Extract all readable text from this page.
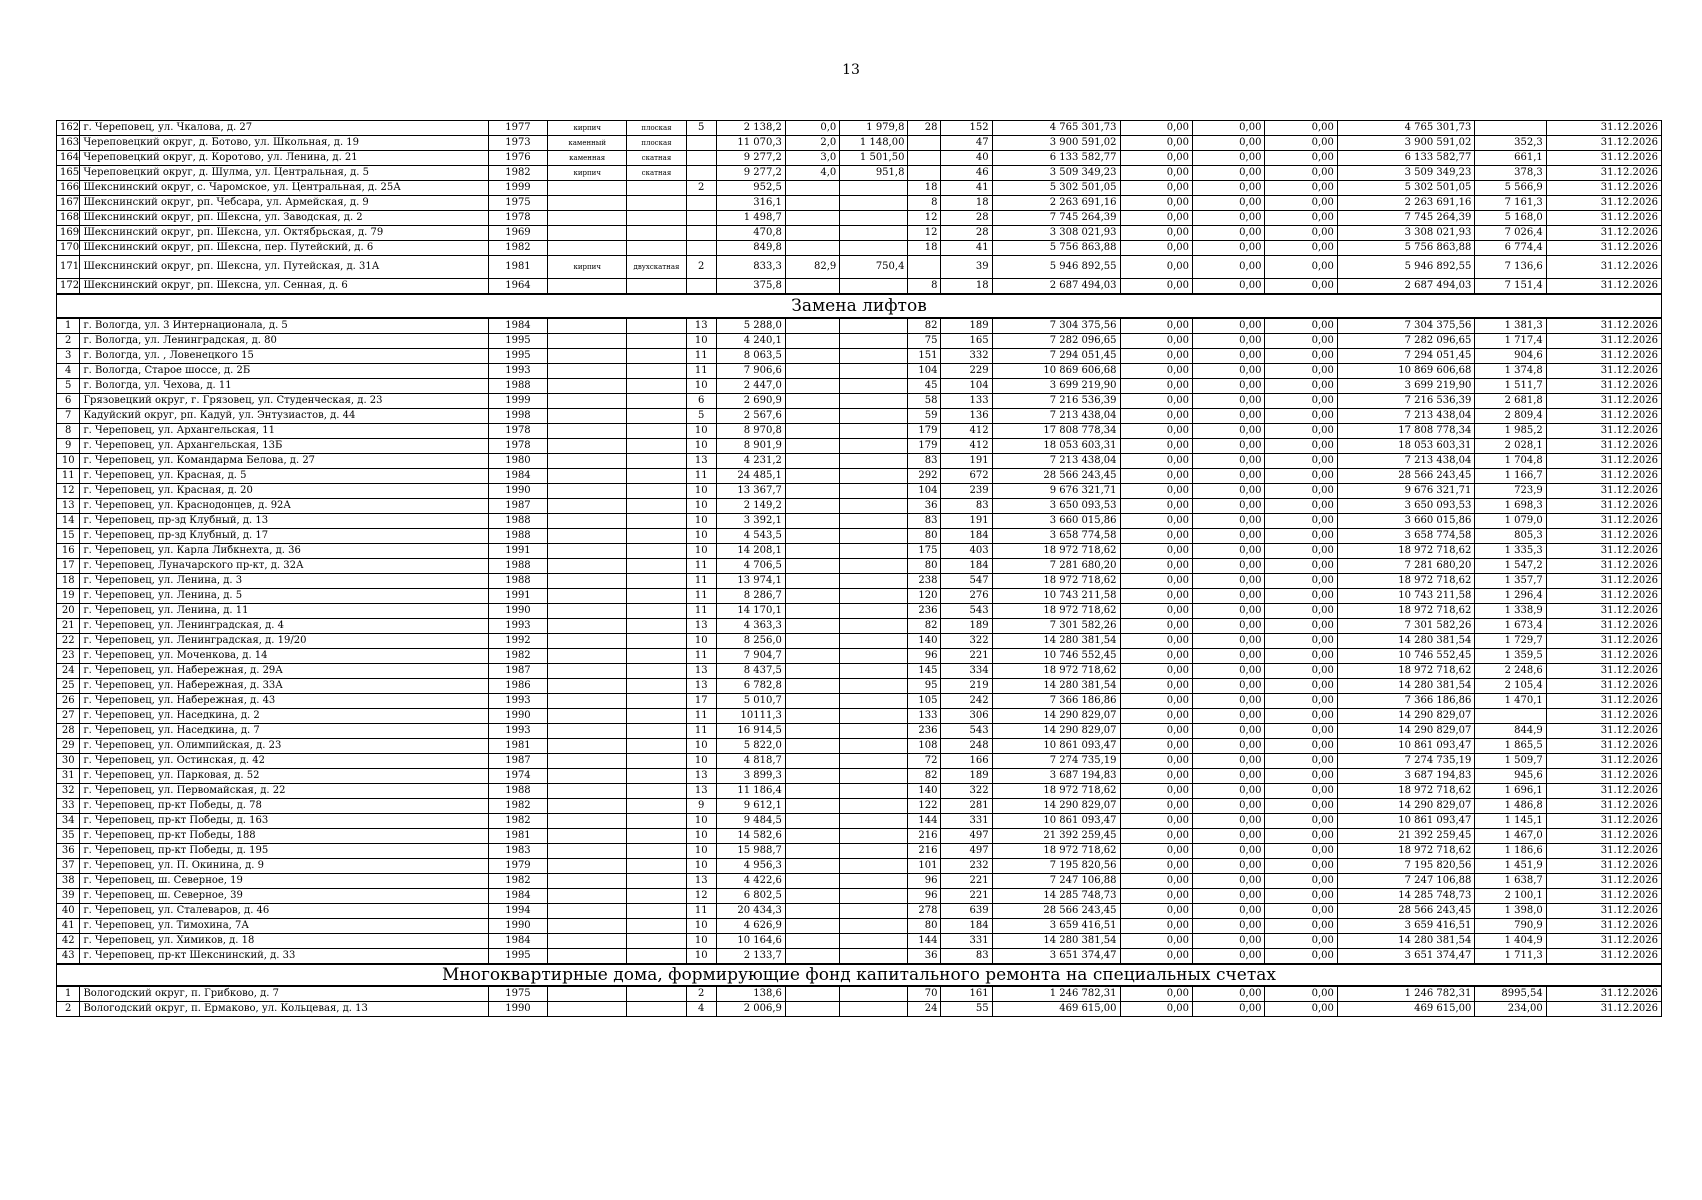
13
162	г. Череповец, ул. Чкалова, д. 27	1977	кирпич	плоская	5	2 138,2	0,0	1 979,8	28	152	4 765 301,73	0,00	0,00	0,00	4 765 301,73		31.12.2026
163	Череповецкий округ, д. Ботово, ул. Школьная, д. 19	1973	каменный	плоская		11 070,3	2,0	1 148,00		47	3 900 591,02	0,00	0,00	0,00	3 900 591,02	352,3	31.12.2026
164	Череповецкий округ, д. Коротово, ул. Ленина, д. 21	1976	каменная	скатная		9 277,2	3,0	1 501,50		40	6 133 582,77	0,00	0,00	0,00	6 133 582,77	661,1	31.12.2026
165	Череповецкий округ, д. Шулма, ул. Центральная, д. 5	1982	кирпич	скатная		9 277,2	4,0	951,8		46	3 509 349,23	0,00	0,00	0,00	3 509 349,23	378,3	31.12.2026
166	Шекснинский округ, с. Чаромское, ул. Центральная, д. 25А	1999			2	952,5			18	41	5 302 501,05	0,00	0,00	0,00	5 302 501,05	5 566,9	31.12.2026
167	Шекснинский округ, рп. Чебсара, ул. Армейская, д. 9	1975				316,1			8	18	2 263 691,16	0,00	0,00	0,00	2 263 691,16	7 161,3	31.12.2026
168	Шекснинский округ, рп. Шексна, ул. Заводская, д. 2	1978				1 498,7			12	28	7 745 264,39	0,00	0,00	0,00	7 745 264,39	5 168,0	31.12.2026
169	Шекснинский округ, рп. Шексна, ул. Октябрьская, д. 79	1969				470,8			12	28	3 308 021,93	0,00	0,00	0,00	3 308 021,93	7 026,4	31.12.2026
170	Шекснинский округ, рп. Шексна, пер. Путейский, д. 6	1982				849,8			18	41	5 756 863,88	0,00	0,00	0,00	5 756 863,88	6 774,4	31.12.2026
171	Шекснинский округ, рп. Шексна, ул. Путейская, д. 31А	1981	кирпич	двухскатная	2	833,3	82,9	750,4		39	5 946 892,55	0,00	0,00	0,00	5 946 892,55	7 136,6	31.12.2026
172	Шекснинский округ, рп. Шексна, ул. Сенная, д. 6	1964				375,8			8	18	2 687 494,03	0,00	0,00	0,00	2 687 494,03	7 151,4	31.12.2026
Замена лифтов																	
1	г. Вологда, ул. 3 Интернационала, д. 5	1984			13	5 288,0			82	189	7 304 375,56	0,00	0,00	0,00	7 304 375,56	1 381,3	31.12.2026
2	г. Вологда, ул. Ленинградская, д. 80	1995			10	4 240,1			75	165	7 282 096,65	0,00	0,00	0,00	7 282 096,65	1 717,4	31.12.2026
3	г. Вологда, ул. , Ловенецкого 15	1995			11	8 063,5			151	332	7 294 051,45	0,00	0,00	0,00	7 294 051,45	904,6	31.12.2026
4	г. Вологда, Старое шоссе, д. 2Б	1993			11	7 906,6			104	229	10 869 606,68	0,00	0,00	0,00	10 869 606,68	1 374,8	31.12.2026
5	г. Вологда, ул. Чехова, д. 11	1988			10	2 447,0			45	104	3 699 219,90	0,00	0,00	0,00	3 699 219,90	1 511,7	31.12.2026
6	Грязовецкий округ, г. Грязовец, ул. Студенческая, д. 23	1999			6	2 690,9			58	133	7 216 536,39	0,00	0,00	0,00	7 216 536,39	2 681,8	31.12.2026
7	Кадуйский округ, рп. Кадуй, ул. Энтузиастов, д. 44	1998			5	2 567,6			59	136	7 213 438,04	0,00	0,00	0,00	7 213 438,04	2 809,4	31.12.2026
8	г. Череповец, ул. Архангельская, 11	1978			10	8 970,8			179	412	17 808 778,34	0,00	0,00	0,00	17 808 778,34	1 985,2	31.12.2026
9	г. Череповец, ул. Архангельская, 13Б	1978			10	8 901,9			179	412	18 053 603,31	0,00	0,00	0,00	18 053 603,31	2 028,1	31.12.2026
10	г. Череповец, ул. Командарма Белова, д. 27	1980			13	4 231,2			83	191	7 213 438,04	0,00	0,00	0,00	7 213 438,04	1 704,8	31.12.2026
11	г. Череповец, ул. Красная, д. 5	1984			11	24 485,1			292	672	28 566 243,45	0,00	0,00	0,00	28 566 243,45	1 166,7	31.12.2026
12	г. Череповец, ул. Красная, д. 20	1990			10	13 367,7			104	239	9 676 321,71	0,00	0,00	0,00	9 676 321,71	723,9	31.12.2026
13	г. Череповец, ул. Краснодонцев, д. 92А	1987			10	2 149,2			36	83	3 650 093,53	0,00	0,00	0,00	3 650 093,53	1 698,3	31.12.2026
14	г. Череповец, пр-зд Клубный, д. 13	1988			10	3 392,1			83	191	3 660 015,86	0,00	0,00	0,00	3 660 015,86	1 079,0	31.12.2026
15	г. Череповец, пр-зд Клубный, д. 17	1988			10	4 543,5			80	184	3 658 774,58	0,00	0,00	0,00	3 658 774,58	805,3	31.12.2026
16	г. Череповец, ул. Карла Либкнехта, д. 36	1991			10	14 208,1			175	403	18 972 718,62	0,00	0,00	0,00	18 972 718,62	1 335,3	31.12.2026
17	г. Череповец, Луначарского пр-кт, д. 32А	1988			11	4 706,5			80	184	7 281 680,20	0,00	0,00	0,00	7 281 680,20	1 547,2	31.12.2026
18	г. Череповец, ул. Ленина, д. 3	1988			11	13 974,1			238	547	18 972 718,62	0,00	0,00	0,00	18 972 718,62	1 357,7	31.12.2026
19	г. Череповец, ул. Ленина, д. 5	1991			11	8 286,7			120	276	10 743 211,58	0,00	0,00	0,00	10 743 211,58	1 296,4	31.12.2026
20	г. Череповец, ул. Ленина, д. 11	1990			11	14 170,1			236	543	18 972 718,62	0,00	0,00	0,00	18 972 718,62	1 338,9	31.12.2026
21	г. Череповец, ул. Ленинградская, д. 4	1993			13	4 363,3			82	189	7 301 582,26	0,00	0,00	0,00	7 301 582,26	1 673,4	31.12.2026
22	г. Череповец, ул. Ленинградская, д. 19/20	1992			10	8 256,0			140	322	14 280 381,54	0,00	0,00	0,00	14 280 381,54	1 729,7	31.12.2026
23	г. Череповец, ул. Моченкова, д. 14	1982			11	7 904,7			96	221	10 746 552,45	0,00	0,00	0,00	10 746 552,45	1 359,5	31.12.2026
24	г. Череповец, ул. Набережная, д. 29А	1987			13	8 437,5			145	334	18 972 718,62	0,00	0,00	0,00	18 972 718,62	2 248,6	31.12.2026
25	г. Череповец, ул. Набережная, д. 33А	1986			13	6 782,8			95	219	14 280 381,54	0,00	0,00	0,00	14 280 381,54	2 105,4	31.12.2026
26	г. Череповец, ул. Набережная, д. 43	1993			17	5 010,7			105	242	7 366 186,86	0,00	0,00	0,00	7 366 186,86	1 470,1	31.12.2026
27	г. Череповец, ул. Наседкина, д. 2	1990			11	10111,3			133	306	14 290 829,07	0,00	0,00	0,00	14 290 829,07		31.12.2026
28	г. Череповец, ул. Наседкина, д. 7	1993			11	16 914,5			236	543	14 290 829,07	0,00	0,00	0,00	14 290 829,07	844,9	31.12.2026
29	г. Череповец, ул. Олимпийская, д. 23	1981			10	5 822,0			108	248	10 861 093,47	0,00	0,00	0,00	10 861 093,47	1 865,5	31.12.2026
30	г. Череповец, ул. Остинская, д. 42	1987			10	4 818,7			72	166	7 274 735,19	0,00	0,00	0,00	7 274 735,19	1 509,7	31.12.2026
31	г. Череповец, ул. Парковая, д. 52	1974			13	3 899,3			82	189	3 687 194,83	0,00	0,00	0,00	3 687 194,83	945,6	31.12.2026
32	г. Череповец, ул. Первомайская, д. 22	1988			13	11 186,4			140	322	18 972 718,62	0,00	0,00	0,00	18 972 718,62	1 696,1	31.12.2026
33	г. Череповец, пр-кт Победы, д. 78	1982			9	9 612,1			122	281	14 290 829,07	0,00	0,00	0,00	14 290 829,07	1 486,8	31.12.2026
34	г. Череповец, пр-кт Победы, д. 163	1982			10	9 484,5			144	331	10 861 093,47	0,00	0,00	0,00	10 861 093,47	1 145,1	31.12.2026
35	г. Череповец, пр-кт Победы, 188	1981			10	14 582,6			216	497	21 392 259,45	0,00	0,00	0,00	21 392 259,45	1 467,0	31.12.2026
36	г. Череповец, пр-кт Победы, д. 195	1983			10	15 988,7			216	497	18 972 718,62	0,00	0,00	0,00	18 972 718,62	1 186,6	31.12.2026
37	г. Череповец, ул. П. Окинина, д. 9	1979			10	4 956,3			101	232	7 195 820,56	0,00	0,00	0,00	7 195 820,56	1 451,9	31.12.2026
38	г. Череповец, ш. Северное, 19	1982			13	4 422,6			96	221	7 247 106,88	0,00	0,00	0,00	7 247 106,88	1 638,7	31.12.2026
39	г. Череповец, ш. Северное, 39	1984			12	6 802,5			96	221	14 285 748,73	0,00	0,00	0,00	14 285 748,73	2 100,1	31.12.2026
40	г. Череповец, ул. Сталеваров, д. 46	1994			11	20 434,3			278	639	28 566 243,45	0,00	0,00	0,00	28 566 243,45	1 398,0	31.12.2026
41	г. Череповец, ул. Тимохина, 7А	1990			10	4 626,9			80	184	3 659 416,51	0,00	0,00	0,00	3 659 416,51	790,9	31.12.2026
42	г. Череповец, ул. Химиков, д. 18	1984			10	10 164,6			144	331	14 280 381,54	0,00	0,00	0,00	14 280 381,54	1 404,9	31.12.2026
43	г. Череповец, пр-кт Шекснинский, д. 33	1995			10	2 133,7			36	83	3 651 374,47	0,00	0,00	0,00	3 651 374,47	1 711,3	31.12.2026
Многоквартирные дома, формирующие фонд капитального ремонта на специальных счетах																	
1	Вологодский округ, п. Грибково, д. 7	1975			2	138,6			70	161	1 246 782,31	0,00	0,00	0,00	1 246 782,31	8995,54	31.12.2026
2	Вологодский округ, п. Ермаково, ул. Кольцевая, д. 13	1990			4	2 006,9			24	55	469 615,00	0,00	0,00	0,00	469 615,00	234,00	31.12.2026
